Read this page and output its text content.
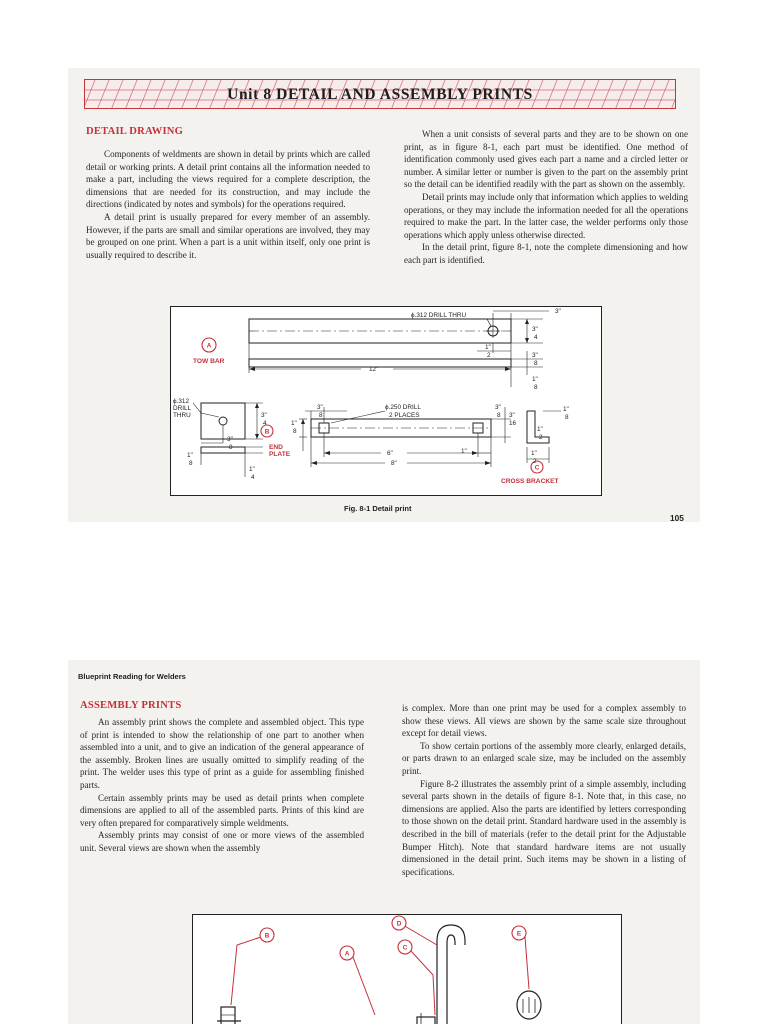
Unit 8 DETAIL AND ASSEMBLY PRINTS
DETAIL DRAWING

Components of weldments are shown in detail by prints which are called detail or working prints. A detail print contains all the information needed to make a part, including the views required for a complete description, the dimensions that are needed for its construction, and may include the directions (indicated by notes and symbols) for the operations required.

A detail print is usually prepared for every member of an assembly. However, if the parts are small and similar operations are involved, they may be grouped on one print. When a part is a unit within itself, only one print is usually required to describe it.

When a unit consists of several parts and they are to be shown on one print, as in figure 8-1, each part must be identified. One method of identification commonly used gives each part a name and a circled letter or number. A similar letter or number is given to the part on the assembly print so the detail can be identified readily with the part as shown on the assembly.

Detail prints may include only that information which applies to welding operations, or they may include the information needed for all the operations required to make the part. In the latter case, the welder performs only those operations which apply unless otherwise directed.

In the detail print, figure 8-1, note the complete dimensioning and how each part is identified.

A
B
C
TOW BAR
END
PLATE
CROSS BRACKET
ϕ.312 DRILL THRU
12"
3"
3"
4
1"
2	3"
8
1"
8
ϕ.312
DRILL
THRU	3"
4
3"
8
1"
8
1"
4
3"
8
ϕ.250 DRILL
2 PLACES
1"
8
6"
8"
1"
3"
8 3"
16
1"
8
1"
2
1"
2
Fig. 8-1 Detail print
105
Blueprint Reading for Welders
ASSEMBLY PRINTS

An assembly print shows the complete and assembled object. This type of print is intended to show the relationship of one part to another when assembled into a unit, and to give an indication of the general appearance of the assembly. Broken lines are usually omitted to simplify reading of the print. The welder uses this type of print as a guide for assembling finished parts.

Certain assembly prints may be used as detail prints when complete dimensions are applied to all of the assembled parts. Prints of this kind are very often prepared for comparatively simple weldments.

Assembly prints may consist of one or more views of the assembled unit. Several views are shown when the assembly

is complex. More than one print may be used for a complex assembly to show these views. All views are shown by the same scale size throughout except for detail views.

To show certain portions of the assembly more clearly, enlarged details, or parts drawn to an enlarged scale size, may be included on the assembly print.

Figure 8-2 illustrates the assembly print of a simple assembly, including several parts shown in the details of figure 8-1. Note that, in this case, no dimensions are applied. Also the parts are identified by letters corresponding to those shown on the detail print. Standard hardware used in the assembly is described in the bill of materials (refer to the detail print for the Adjustable Bumper Hitch). Note that standard hardware items are not usually dimensioned in the detail print. Such items may be shown in a listing of specifications.

B
D
A
C
E
